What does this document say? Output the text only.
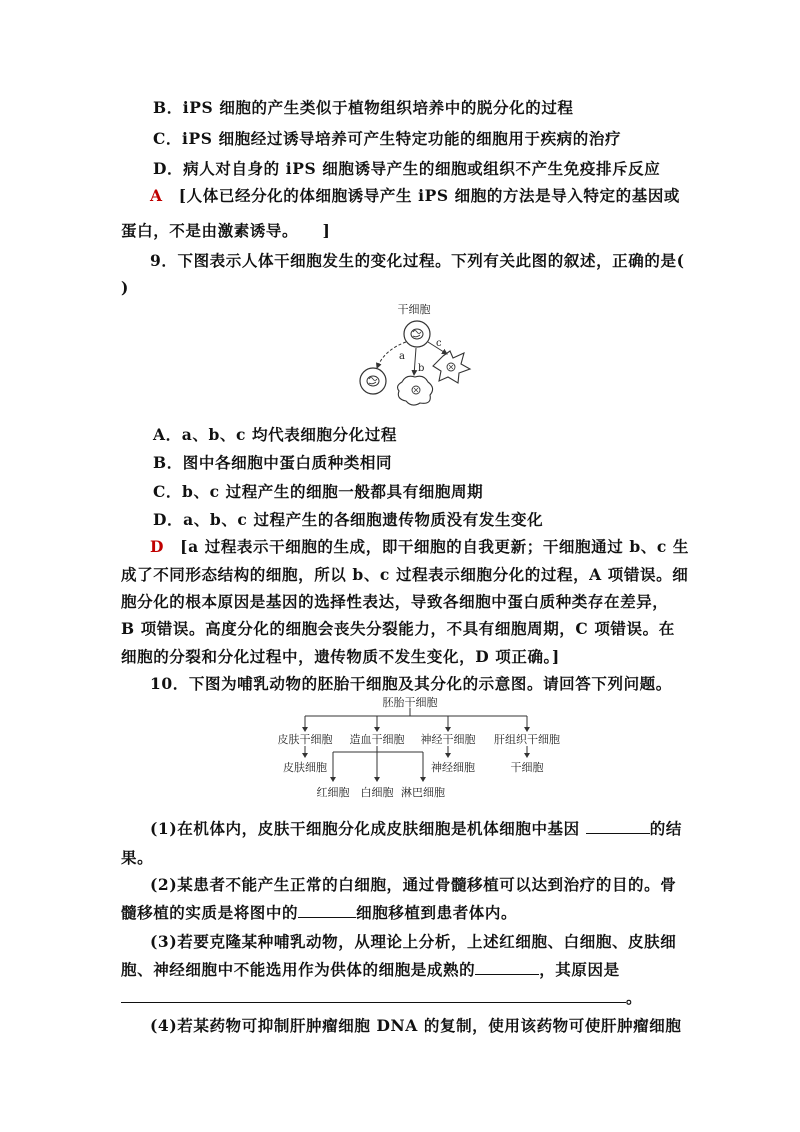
B．iPS 细胞的产生类似于植物组织培养中的脱分化的过程
C．iPS 细胞经过诱导培养可产生特定功能的细胞用于疾病的治疗
D．病人对自身的 iPS 细胞诱导产生的细胞或组织不产生免疫排斥反应
A　 [人体已经分化的体细胞诱导产生 iPS 细胞的方法是导入特定的基因或
蛋白，不是由激素诱导。　　]
9．下图表示人体干细胞发生的变化过程。下列有关此图的叙述，正确的是(
)
干细胞
a
b
c
A．a、b、c 均代表细胞分化过程
B．图中各细胞中蛋白质种类相同
C．b、c 过程产生的细胞一般都具有细胞周期
D．a、b、c 过程产生的各细胞遗传物质没有发生变化
D　 [a 过程表示干细胞的生成，即干细胞的自我更新；干细胞通过 b、c 生
成了不同形态结构的细胞，所以 b、c 过程表示细胞分化的过程，A 项错误。细
胞分化的根本原因是基因的选择性表达，导致各细胞中蛋白质种类存在差异，
B 项错误。高度分化的细胞会丧失分裂能力，不具有细胞周期，C 项错误。在
细胞的分裂和分化过程中，遗传物质不发生变化，D 项正确。]
10．下图为哺乳动物的胚胎干细胞及其分化的示意图。请回答下列问题。
胚胎干细胞
皮肤干细胞 造血干细胞 神经干细胞 肝组织干细胞
皮肤细胞	神经细胞	干细胞
红细胞 白细胞 淋巴细胞
(1)在机体内，皮肤干细胞分化成皮肤细胞是机体细胞中基因	的结
果。
(2)某患者不能产生正常的白细胞，通过骨髓移植可以达到治疗的目的。骨
髓移植的实质是将图中的	细胞移植到患者体内。
(3)若要克隆某种哺乳动物，从理论上分析，上述红细胞、白细胞、皮肤细
胞、神经细胞中不能选用作为供体的细胞是成熟的	，其原因是
。
(4)若某药物可抑制肝肿瘤细胞 DNA 的复制，使用该药物可使肝肿瘤细胞
